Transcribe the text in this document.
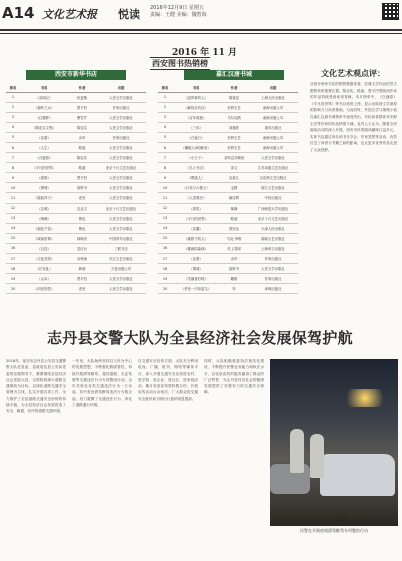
A14 文化艺术报 悦读 2016年12月9日 星期五
责编：王健 美编：魏智海
2016 年 11 月
西安图书热销榜
西安市新华书店	嘉汇汉唐书城
排名	书名	作者	出版
1	《双城记》	狄更斯	人民文学出版社
2	《秦岭之水》	贾平凹	作家出版社
3	《红楼梦》	曹雪芹	人民文学出版社
4	《陈忠实文集》	陈忠实	人民文学出版社
5	《活着》	余华	作家出版社
6	《人生》	路遥	人民文学出版社
7	《白鹿原》	陈忠实	人民文学出版社
8	《平凡的世界》	路遥	北京十月文艺出版社
9	《废都》	贾平凹	人民文学出版社
10	《围城》	钱钟书	人民文学出版社
11	《骆驼祥子》	老舍	人民文学出版社
12	《边城》	沈从文	北京十月文艺出版社
13	《呐喊》	鲁迅	人民文学出版社
14	《朝花夕拾》	鲁迅	人民文学出版社
15	《城南旧事》	林海音	中国青年出版社
16	《目送》	龙应台	三联书店
17	《文化苦旅》	余秋雨	长江文艺出版社
18	《长安乱》	韩寒	万卷出版公司
19	《山本》	贾平凹	人民文学出版社
20	《四世同堂》	老舍	人民文学出版社
排名	书名	作者	出版
1	《追风筝的人》	胡赛尼	上海人民出版社
2	《解忧杂货店》	东野圭吾	南海出版公司
3	《百年孤独》	马尔克斯	南海出版公司
4	《三体》	刘慈欣	重庆出版社
5	《白夜行》	东野圭吾	南海出版公司
6	《嫌疑人X的献身》	东野圭吾	南海出版公司
7	《小王子》	圣埃克苏佩里	人民文学出版社
8	《岛上书店》	泽文	江苏凤凰文艺出版社
9	《摆渡人》	克莱儿	百花洲文艺出版社
10	《月亮与六便士》	毛姆	浙江文艺出版社
11	《人类简史》	赫拉利	中信出版社
12	《看见》	柴静	广西师范大学出版社
13	《平凡的世界》	路遥	北京十月文艺出版社
14	《皮囊》	蔡崇达	天津人民出版社
15	《偷影子的人》	马克·李维	湖南文艺出版社
16	《挪威的森林》	村上春树	上海译文出版社
17	《活着》	余华	作家出版社
18	《围城》	钱钟书	人民文学出版社
19	《雪落香杉树》	戴维	作家出版社
20	《杀死一只知更鸟》	李	译林出版社
文化艺术观点评：
从西安两家书店的销售数据来看，经典文学作品依然占据榜单的重要位置，陈忠实、路遥、贾平凹等陕西作家的作品持续受到读者青睐。本月榜单中，《白鹿原》《平凡的世界》等书目再度上榜，显示出陕西文学深厚的影响力与读者基础。与此同时，外国文学与推理小说在嘉汇汉唐书城榜单中表现突出，年轻读者群体对东野圭吾等作家的作品热情不减。业内人士认为，随着全民阅读活动的深入开展，西安市民的阅读趣味日益多元，实体书店通过举办读书分享会、作家签售等活动，有效拉近了读者与书籍之间的距离，也让更多优秀作品走进了大众视野。
志丹县交警大队为全县经济社会发展保驾护航
2016年，延安市志丹县公安局交通警察大队在县委、县政府及县公安局党委的坚强领导下，紧紧围绕全县经济社会发展大局，以预防和减少道路交通事故为目标，以深化道路交通安全管理为主线，扎实开展各项工作，全力维护了全县道路交通安全形势的持续平稳，为全县经济社会发展营造了安全、畅通、有序的道路交通环境。
一年来，大队始终坚持以人民为中心的发展思想，不断强化路面管控，持续开展酒驾醉驾、超员超载、无证驾驶等交通违法行为专项整治行动。全年共查处各类交通违法行为一万余起，其中查处酒驾醉驾违法行为数百起，有力震慑了交通违法行为，净化了道路通行环境。
在交通安全宣传方面，大队充分利用电视、广播、报刊、网络等媒体平台，深入开展交通安全宣传进农村、进学校、进企业、进社区、进家庭活动，累计发放宣传资料数万份，开展宣传活动百余场次，广大群众的交通安全意识和文明出行意识明显提高。
同时，大队积极推进执法规范化建设，不断提升民警业务能力和执法水平，以优质高效的服务赢得了群众的广泛赞誉，为志丹县经济社会的健康发展提供了坚强有力的交通安全保障。
刘浚海
民警在开展夜间酒驾醉驾专项整治行动
